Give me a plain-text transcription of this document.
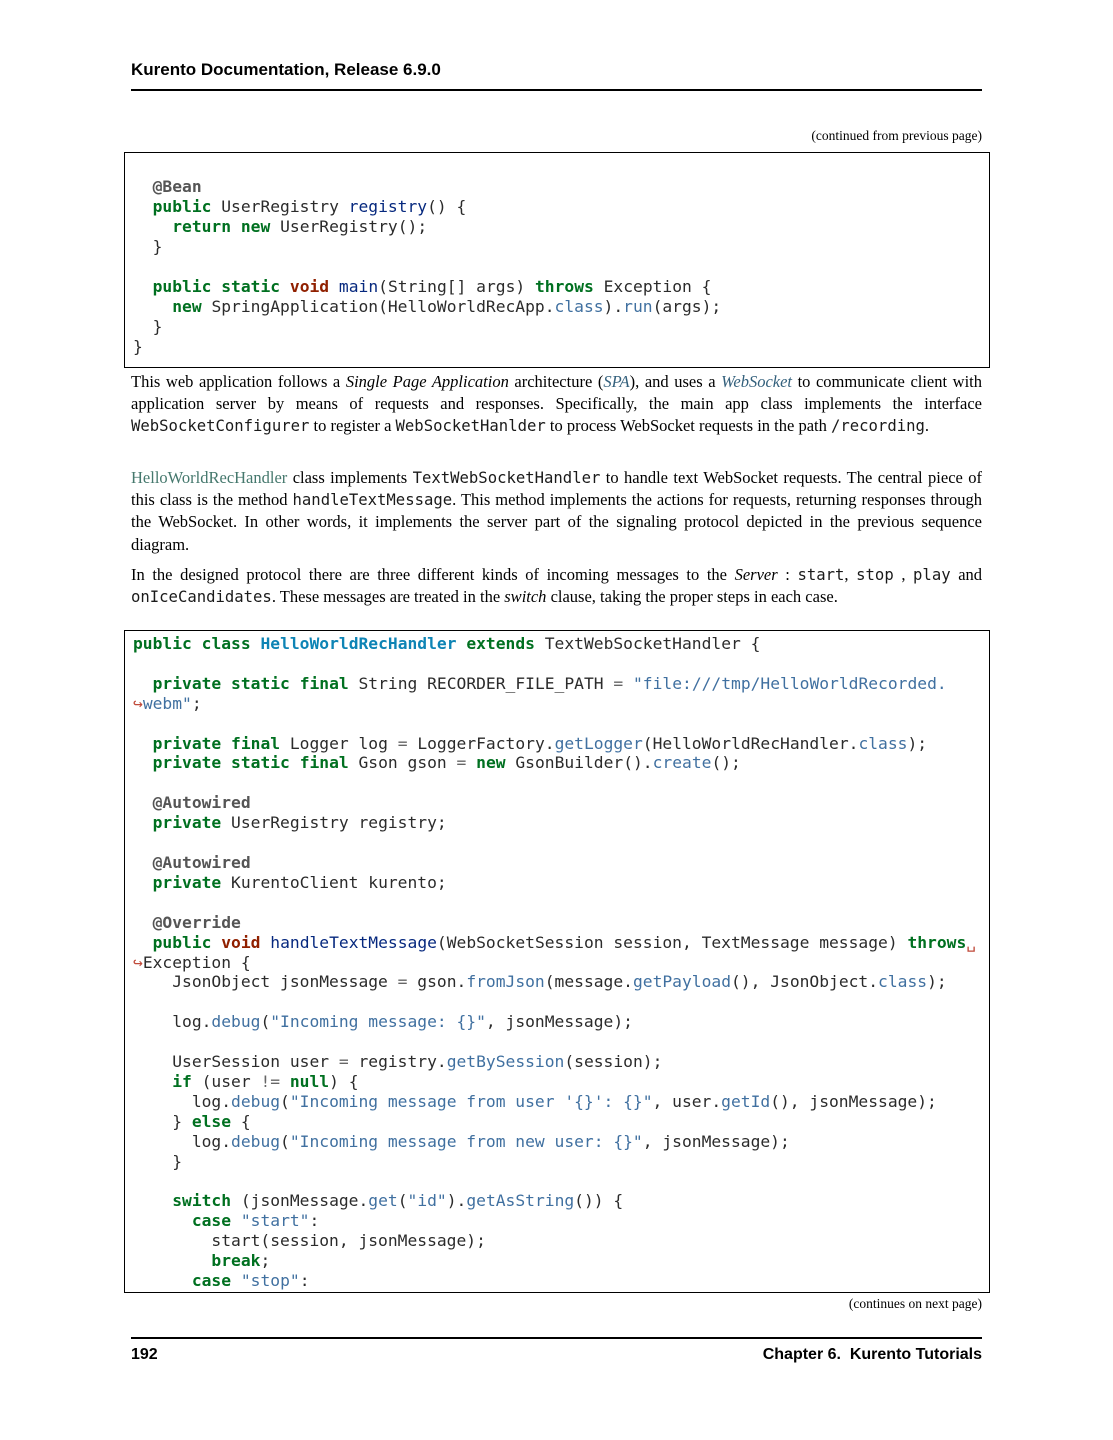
Kurento Documentation, Release 6.9.0
(continued from previous page)

@Bean
public UserRegistry registry() {
return new UserRegistry();
}

public static void main(String[] args) throws Exception {
new SpringApplication(HelloWorldRecApp.class).run(args);
}
}
This web application follows a Single Page Application architecture (SPA), and uses a WebSocket to communicate client with application server by means of requests and responses. Specifically, the main app class implements the interface WebSocketConfigurer to register a WebSocketHanlder to process WebSocket requests in the path /recording.
HelloWorldRecHandler class implements TextWebSocketHandler to handle text WebSocket requests. The central piece of this class is the method handleTextMessage. This method implements the actions for requests, returning responses through the WebSocket. In other words, it implements the server part of the signaling protocol depicted in the previous sequence diagram.
In the designed protocol there are three different kinds of incoming messages to the Server : start, stop , play and onIceCandidates. These messages are treated in the switch clause, taking the proper steps in each case.
public class HelloWorldRecHandler extends TextWebSocketHandler {

private static final String RECORDER_FILE_PATH = "file:///tmp/HelloWorldRecorded.
↪webm";

private final Logger log = LoggerFactory.getLogger(HelloWorldRecHandler.class);
private static final Gson gson = new GsonBuilder().create();

@Autowired
private UserRegistry registry;

@Autowired
private KurentoClient kurento;

@Override
public void handleTextMessage(WebSocketSession session, TextMessage message) throws␣
↪Exception {
JsonObject jsonMessage = gson.fromJson(message.getPayload(), JsonObject.class);

log.debug("Incoming message: {}", jsonMessage);

UserSession user = registry.getBySession(session);
if (user != null) {
log.debug("Incoming message from user '{}': {}", user.getId(), jsonMessage);
} else {
log.debug("Incoming message from new user: {}", jsonMessage);
}

switch (jsonMessage.get("id").getAsString()) {
case "start":
start(session, jsonMessage);
break;
case "stop":
(continues on next page)
192	Chapter 6.  Kurento Tutorials
